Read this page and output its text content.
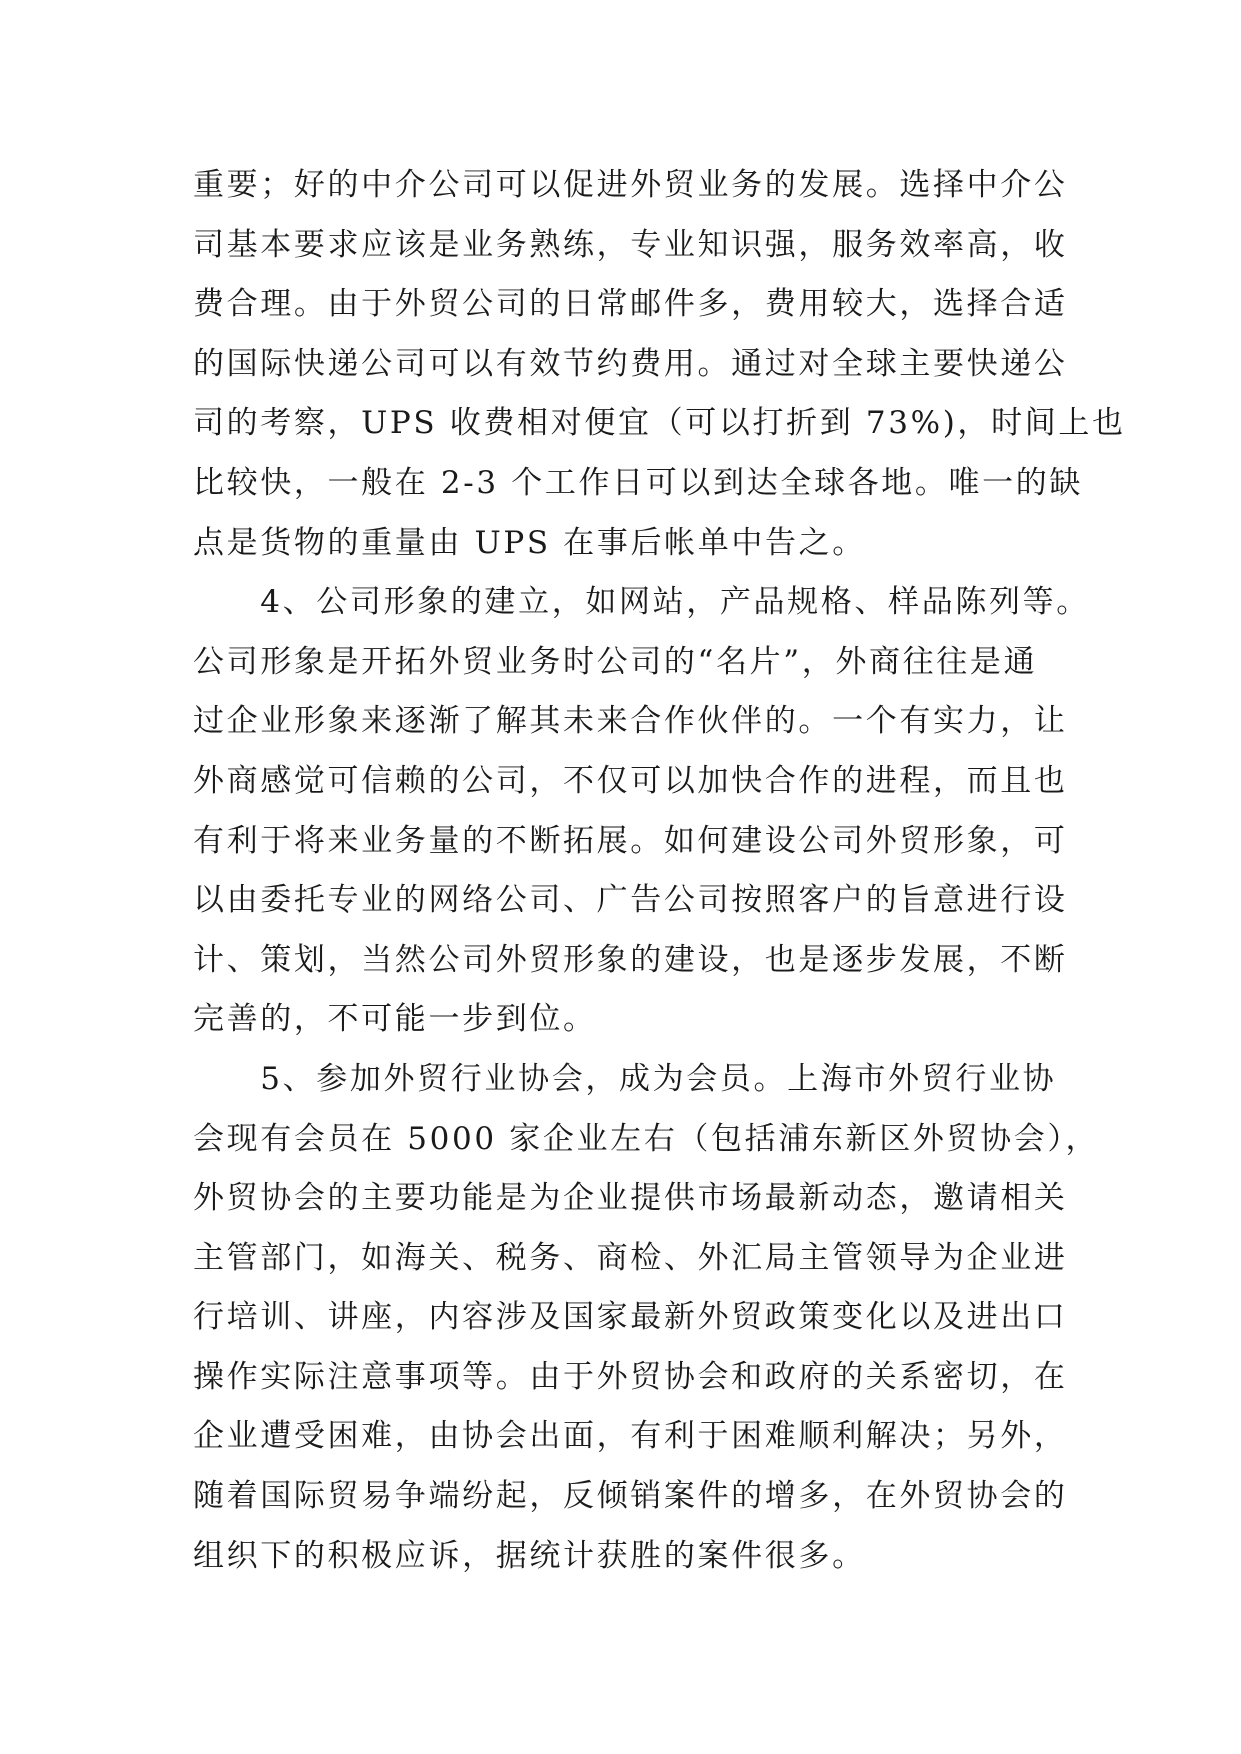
重要；好的中介公司可以促进外贸业务的发展。选择中介公
司基本要求应该是业务熟练，专业知识强，服务效率高，收
费合理。由于外贸公司的日常邮件多，费用较大，选择合适
的国际快递公司可以有效节约费用。通过对全球主要快递公
司的考察，UPS 收费相对便宜（可以打折到 73%)，时间上也
比较快，一般在 2-3 个工作日可以到达全球各地。唯一的缺
点是货物的重量由 UPS 在事后帐单中告之。
　　4、公司形象的建立，如网站，产品规格、样品陈列等。
公司形象是开拓外贸业务时公司的“名片”，外商往往是通
过企业形象来逐渐了解其未来合作伙伴的。一个有实力，让
外商感觉可信赖的公司，不仅可以加快合作的进程，而且也
有利于将来业务量的不断拓展。如何建设公司外贸形象，可
以由委托专业的网络公司、广告公司按照客户的旨意进行设
计、策划，当然公司外贸形象的建设，也是逐步发展，不断
完善的，不可能一步到位。
　　5、参加外贸行业协会，成为会员。上海市外贸行业协
会现有会员在 5000 家企业左右（包括浦东新区外贸协会），
外贸协会的主要功能是为企业提供市场最新动态，邀请相关
主管部门，如海关、税务、商检、外汇局主管领导为企业进
行培训、讲座，内容涉及国家最新外贸政策变化以及进出口
操作实际注意事项等。由于外贸协会和政府的关系密切，在
企业遭受困难，由协会出面，有利于困难顺利解决；另外，
随着国际贸易争端纷起，反倾销案件的增多，在外贸协会的
组织下的积极应诉，据统计获胜的案件很多。
